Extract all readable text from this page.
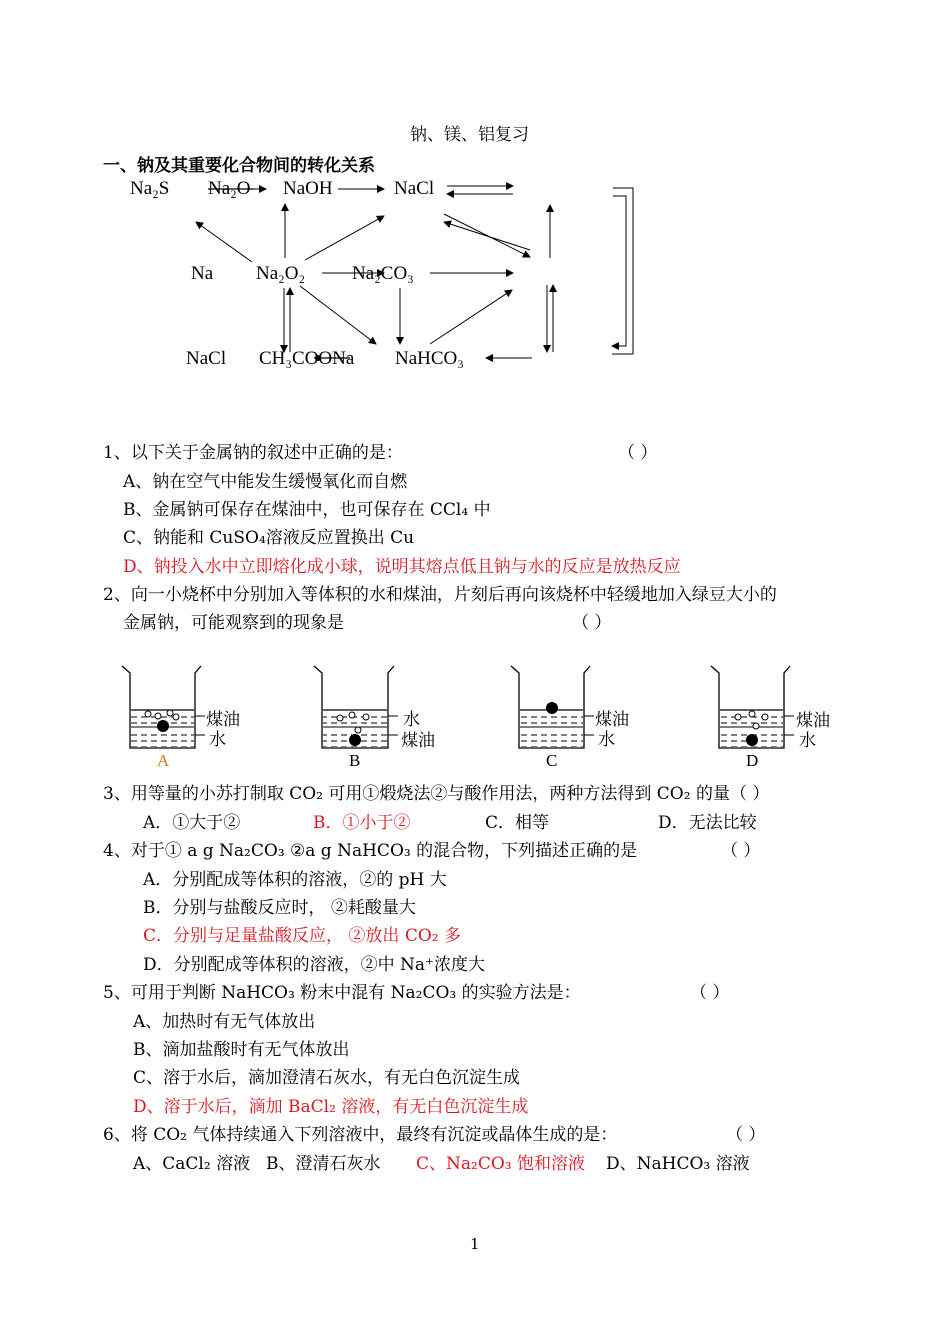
钠、镁、铝复习
一、钠及其重要化合物间的转化关系
Na₂S Na₂O NaOH	NaCl
Na Na₂O₂ Na₂CO₃
NaCl CH₃COONa NaHCO₃
1、以下关于金属钠的叙述中正确的是：	（ ）
A、钠在空气中能发生缓慢氧化而自燃
B、金属钠可保存在煤油中，也可保存在 CCl₄ 中
C、钠能和 CuSO₄溶液反应置换出 Cu
D、钠投入水中立即熔化成小球，说明其熔点低且钠与水的反应是放热反应
2、向一小烧杯中分别加入等体积的水和煤油，片刻后再向该烧杯中轻缓地加入绿豆大小的
金属钠，可能观察到的现象是	（ ）
煤油
水
A
水
煤油
B
煤油
水
C
煤油
水
D
3、用等量的小苏打制取 CO₂ 可用①煅烧法②与酸作用法，两种方法得到 CO₂ 的量（ ）
A．①大于②	B．①小于②	C．相等	D．无法比较
4、对于① a g Na₂CO₃ ②a g NaHCO₃ 的混合物，下列描述正确的是	（ ）
A．分别配成等体积的溶液，②的 pH 大
B．分别与盐酸反应时， ②耗酸量大
C．分别与足量盐酸反应， ②放出 CO₂ 多
D．分别配成等体积的溶液，②中 Na⁺浓度大
5、可用于判断 NaHCO₃ 粉末中混有 Na₂CO₃ 的实验方法是：	（ ）
A、加热时有无气体放出
B、滴加盐酸时有无气体放出
C、溶于水后，滴加澄清石灰水，有无白色沉淀生成
D、溶于水后，滴加 BaCl₂ 溶液，有无白色沉淀生成
6、将 CO₂ 气体持续通入下列溶液中，最终有沉淀或晶体生成的是：	（ ）
A、CaCl₂ 溶液 B、澄清石灰水 C、Na₂CO₃ 饱和溶液 D、NaHCO₃ 溶液
1
